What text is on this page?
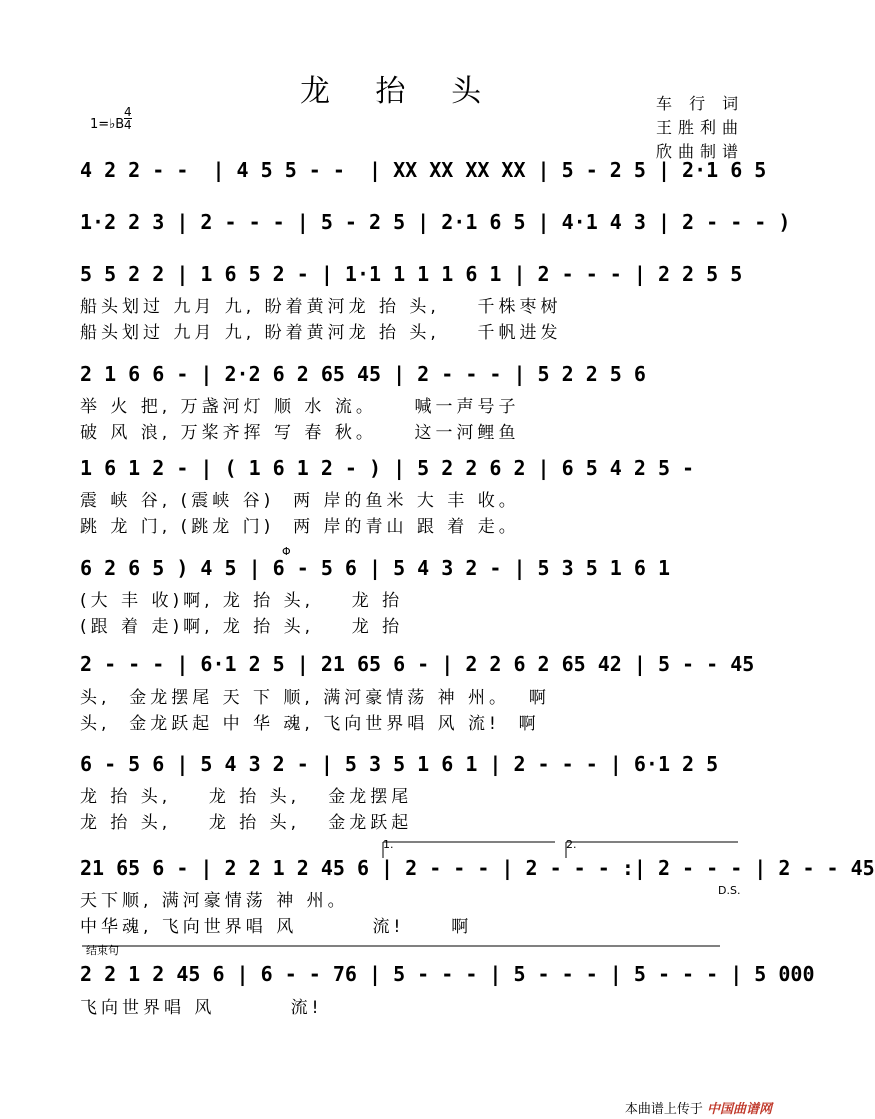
龙 抬 头	车 行 词
王胜利曲
欣曲制谱
1=♭B
4
4
4 2 2 - -  | 4 5 5 - -  | XX XX XX XX | 5 - 2 5 | 2·1 6 5
1·2 2 3 | 2 - - - | 5 - 2 5 | 2·1 6 5 | 4·1 4 3 | 2 - - - )
5 5 2 2 | 1 6 5 2 - | 1·1 1 1 1 6 1 | 2 - - - | 2 2 5 5
船头划过 九月 九, 盼着黄河龙 抬 头,    千株枣树
船头划过 九月 九, 盼着黄河龙 抬 头,    千帆进发
2 1 6 6 - | 2·2 6 2 65 45 | 2 - - - | 5 2 2 5 6
举 火 把, 万盏河灯 顺 水 流。    喊一声号子
破 风 浪, 万桨齐挥 写 春 秋。    这一河鲤鱼
1 6 1 2 - | ( 1 6 1 2 - ) | 5 2 2 6 2 | 6 5 4 2 5 -
震 峡 谷, (震峡 谷)  两 岸的鱼米 大 丰 收。
跳 龙 门, (跳龙 门)  两 岸的青山 跟 着 走。
6 2 6 5 ) 4 5 | 6 - 5 6 | 5 4 3 2 - | 5 3 5 1 6 1
(大 丰 收)啊, 龙 抬 头,    龙 抬
(跟 着 走)啊, 龙 抬 头,    龙 抬
2 - - - | 6·1 2 5 | 21 65 6 - | 2 2 6 2 65 42 | 5 - - 45
头,  金龙摆尾 天 下 顺, 满河豪情荡 神 州。  啊
头,  金龙跃起 中 华 魂, 飞向世界唱 风 流!  啊
6 - 5 6 | 5 4 3 2 - | 5 3 5 1 6 1 | 2 - - - | 6·1 2 5
龙 抬 头,    龙 抬 头,   金龙摆尾
龙 抬 头,    龙 抬 头,   金龙跃起
21 65 6 - | 2 2 1 2 45 6 | 2 - - - | 2 - - - :| 2 - - - | 2 - - 45
天下顺, 满河豪情荡 神 州。
中华魂, 飞向世界唱 风        流!     啊
2 2 1 2 45 6 | 6 - - 76 | 5 - - - | 5 - - - | 5 - - - | 5 000
飞向世界唱 风        流!
1.	2.
D.S.
Φ
结束句
本曲谱上传于 中国曲谱网
